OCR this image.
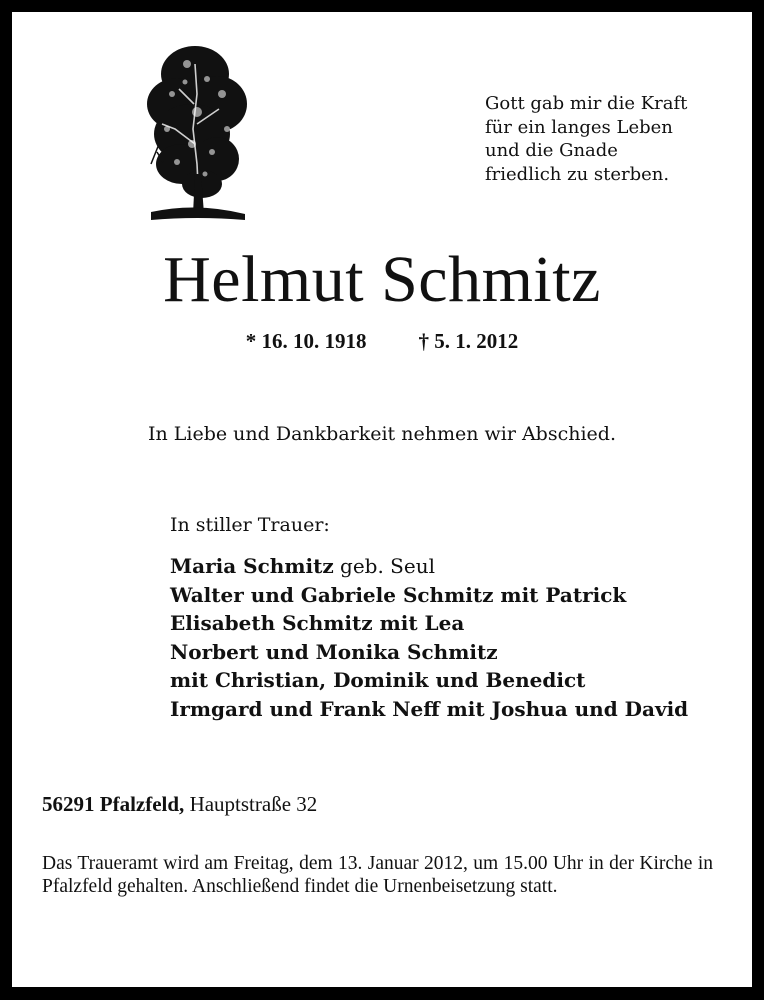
Gott gab mir die Kraft
für ein langes Leben
und die Gnade
friedlich zu sterben.
Helmut Schmitz
* 16. 10. 1918 † 5. 1. 2012
In Liebe und Dankbarkeit nehmen wir Abschied.
In stiller Trauer:
Maria Schmitz geb. Seul
Walter und Gabriele Schmitz mit Patrick
Elisabeth Schmitz mit Lea
Norbert und Monika Schmitz
mit Christian, Dominik und Benedict
Irmgard und Frank Neff mit Joshua und David
56291 Pfalzfeld, Hauptstraße 32
Das Traueramt wird am Freitag, dem 13. Januar 2012, um 15.00 Uhr in der Kirche in Pfalzfeld gehalten. Anschließend findet die Urnenbeisetzung statt.
